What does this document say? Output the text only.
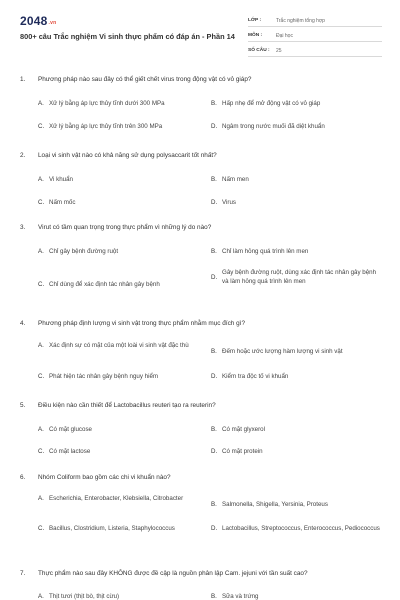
2048.vn
800+ câu Trắc nghiệm Vi sinh thực phẩm có đáp án - Phần 14
LỚP :	Trắc nghiệm tổng hợp
MÔN :	Đại học
SỐ CÂU :	25
1.	Phương pháp nào sau đây có thể giết chết virus trong động vật có vỏ giáp?
A. Xử lý bằng áp lực thủy tĩnh dưới 300 MPa	B. Hấp nhẹ để mở động vật có vỏ giáp
C. Xử lý bằng áp lực thủy tĩnh trên 300 MPa	D. Ngâm trong nước muối đã diệt khuẩn
2.	Loại vi sinh vật nào có khả năng sử dụng polysaccarit tốt nhất?
A. Vi khuẩn	B. Nấm men
C. Nấm mốc	D. Virus
3.	Virut có tầm quan trọng trong thực phẩm vì những lý do nào?
A. Chỉ gây bệnh đường ruột	B. Chỉ làm hỏng quá trình lên men
C. Chỉ dùng để xác định tác nhân gây bệnh
D.
Gây bệnh đường ruột, dùng xác định tác nhân gây bệnh và làm hỏng quá trình lên men
4.	Phương pháp định lượng vi sinh vật trong thực phẩm nhằm mục đích gì?
A. Xác định sự có mặt của một loài vi sinh vật đặc thù
B. Đếm hoặc ước lượng hàm lượng vi sinh vật
C. Phát hiện tác nhân gây bệnh nguy hiểm	D. Kiểm tra độc tố vi khuẩn
5.	Điều kiện nào cần thiết để Lactobacillus reuteri tạo ra reuterin?
A. Có mặt glucose	B. Có mặt glyxerol
C. Có mặt lactose	D. Có mặt protein
6.	Nhóm Coliform bao gồm các chi vi khuẩn nào?
A. Escherichia, Enterobacter, Klebsiella, Citrobacter
B. Salmonella, Shigella, Yersinia, Proteus
C. Bacillus, Clostridium, Listeria, Staphylococcus	D. Lactobacillus, Streptococcus, Enterococcus, Pediococcus
7.	Thực phẩm nào sau đây KHÔNG được đề cập là nguồn phân lập Cam. jejuni với tần suất cao?
A. Thịt tươi (thịt bò, thịt cừu)	B. Sữa và trứng
